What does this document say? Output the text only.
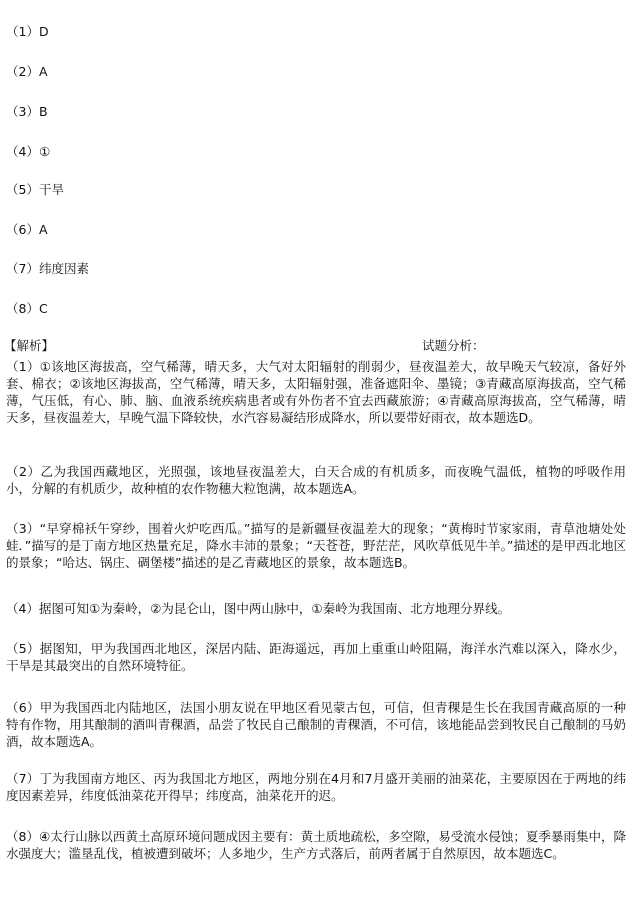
（1）D
（2）A
（3）B
（4）①
（5）干旱
（6）A
（7）纬度因素
（8）C
【解析】	试题分析：

（1）①该地区海拔高，空气稀薄，晴天多，大气对太阳辐射的削弱少，昼夜温差大，故早晚天气较凉，备好外套、棉衣；②该地区海拔高，空气稀薄，晴天多，太阳辐射强，准备遮阳伞、墨镜；③青藏高原海拔高，空气稀薄，气压低，有心、肺、脑、血液系统疾病患者或有外伤者不宜去西藏旅游；④青藏高原海拔高，空气稀薄，晴天多，昼夜温差大，早晚气温下降较快，水汽容易凝结形成降水，所以要带好雨衣，故本题选D。

（2）乙为我国西藏地区，光照强，该地昼夜温差大，白天合成的有机质多，而夜晚气温低，植物的呼吸作用小，分解的有机质少，故种植的农作物穗大粒饱满，故本题选A。

（3）“早穿棉袄午穿纱，围着火炉吃西瓜。”描写的是新疆昼夜温差大的现象；“黄梅时节家家雨，青草池塘处处蛙．”描写的是丁南方地区热量充足，降水丰沛的景象；“天苍苍，野茫茫，风吹草低见牛羊。”描述的是甲西北地区的景象；“哈达、锅庄、碉堡楼”描述的是乙青藏地区的景象，故本题选B。

（4）据图可知①为秦岭，②为昆仑山，图中两山脉中，①秦岭为我国南、北方地理分界线。

（5）据图知，甲为我国西北地区，深居内陆、距海遥远，再加上重重山岭阻隔，海洋水汽难以深入，降水少，干旱是其最突出的自然环境特征。

（6）甲为我国西北内陆地区，法国小朋友说在甲地区看见蒙古包，可信，但青稞是生长在我国青藏高原的一种特有作物，用其酿制的酒叫青稞酒，品尝了牧民自己酿制的青稞酒，不可信，该地能品尝到牧民自己酿制的马奶酒，故本题选A。

（7）丁为我国南方地区、丙为我国北方地区，两地分别在4月和7月盛开美丽的油菜花，主要原因在于两地的纬度因素差异，纬度低油菜花开得早；纬度高，油菜花开的迟。

（8）④太行山脉以西黄土高原环境问题成因主要有：黄土质地疏松，多空隙，易受流水侵蚀；夏季暴雨集中，降水强度大；滥垦乱伐，植被遭到破坏；人多地少，生产方式落后，前两者属于自然原因，故本题选C。
